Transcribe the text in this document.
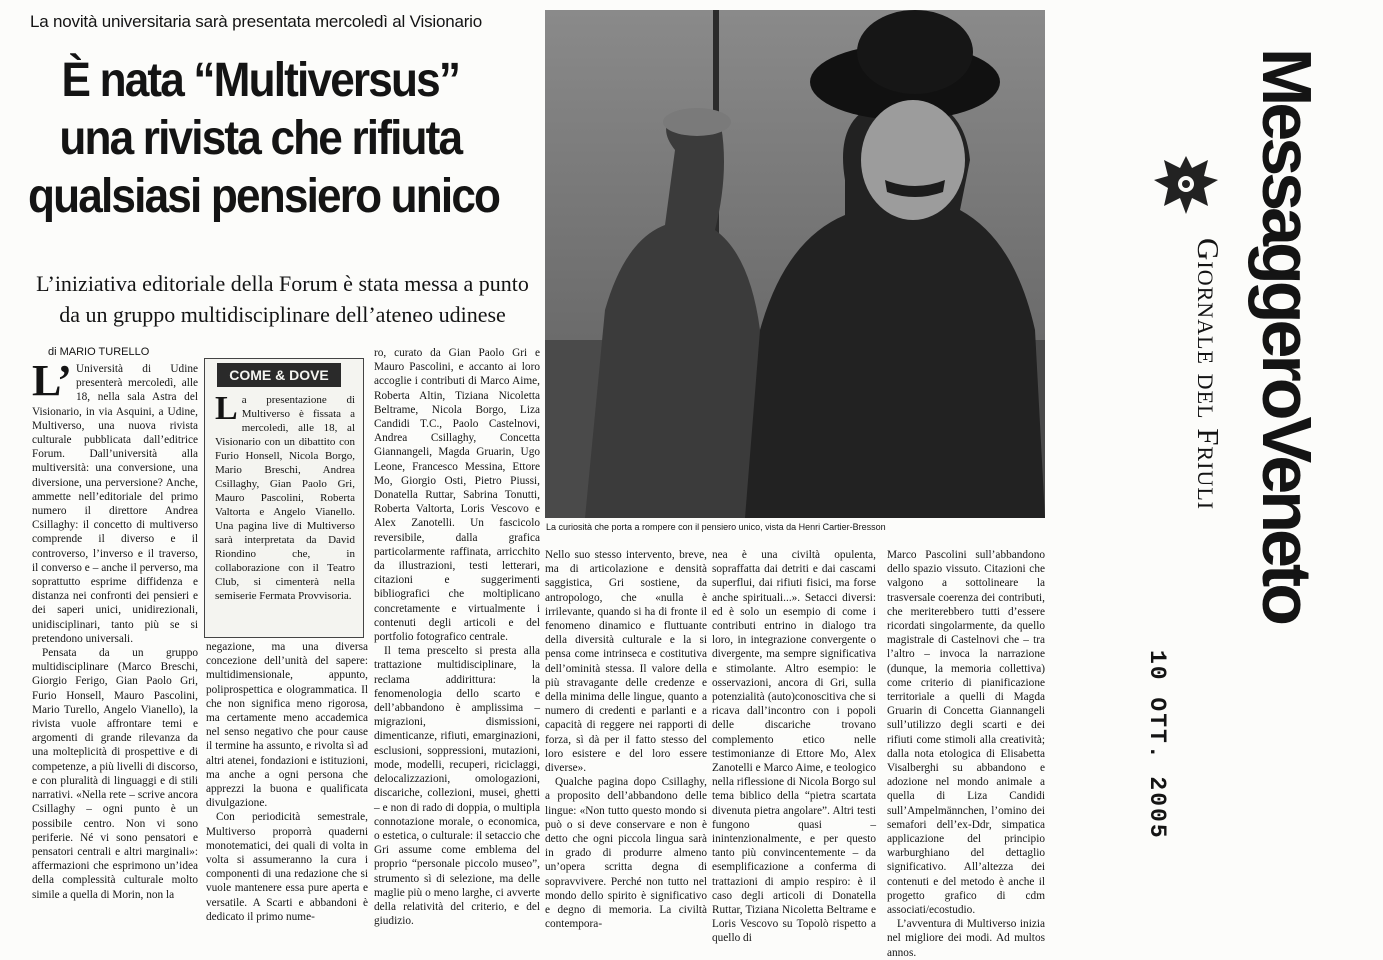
La novità universitaria sarà presentata mercoledì al Visionario
È nata “Multiversus”
una rivista che rifiuta
qualsiasi pensiero unico
L’iniziativa editoriale della Forum è stata messa a punto
da un gruppo multidisciplinare dell’ateneo udinese
di MARIO TURELLO
L’ Università di Udine presenterà mercoledì, alle 18, nella sala Astra del Visionario, in via Asquini, a Udine, Multiverso, una nuova rivista culturale pubblicata dall’editrice Forum. Dall’università alla multiversità: una conversione, una diversione, una perversione? Anche, ammette nell’editoriale del primo numero il direttore Andrea Csillaghy: il concetto di multiverso comprende il diverso e il controverso, l’inverso e il traverso, il converso e – anche il perverso, ma soprattutto esprime diffidenza e distanza nei confronti dei pensieri e dei saperi unici, unidirezionali, unidisciplinari, tanto più se si pretendono universali.

Pensata da un gruppo multidisciplinare (Marco Breschi, Giorgio Ferigo, Gian Paolo Gri, Furio Honsell, Mauro Pascolini, Mario Turello, Angelo Vianello), la rivista vuole affrontare temi e argomenti di grande rilevanza da una molteplicità di prospettive e di competenze, a più livelli di discorso, e con pluralità di linguaggi e di stili narrativi. «Nella rete – scrive ancora Csillaghy – ogni punto è un possibile centro. Non vi sono periferie. Né vi sono pensatori e pensatori centrali e altri marginali»: affermazioni che esprimono un’idea della complessità culturale molto simile a quella di Morin, non la

COME & DOVE
La presentazione di Multiverso è fissata a mercoledì, alle 18, al Visionario con un dibattito con Furio Honsell, Nicola Borgo, Mario Breschi, Andrea Csillaghy, Gian Paolo Gri, Mauro Pascolini, Roberta Valtorta e Angelo Vianello. Una pagina live di Multiverso sarà interpretata da David Riondino che, in collaborazione con il Teatro Club, si cimenterà nella semiserie Fermata Provvisoria.

negazione, ma una diversa concezione dell’unità del sapere: multidimensionale, appunto, poliprospettica e ologrammatica. Il che non significa meno rigorosa, ma certamente meno accademica nel senso negativo che pour cause il termine ha assunto, e rivolta sì ad altri atenei, fondazioni e istituzioni, ma anche a ogni persona che apprezzi la buona e qualificata divulgazione.

Con periodicità semestrale, Multiverso proporrà quaderni monotematici, dei quali di volta in volta si assumeranno la cura i componenti di una redazione che si vuole mantenere essa pure aperta e versatile. A Scarti e abbandoni è dedicato il primo nume-

ro, curato da Gian Paolo Gri e Mauro Pascolini, e accanto ai loro accoglie i contributi di Marco Aime, Roberta Altin, Tiziana Nicoletta Beltrame, Nicola Borgo, Liza Candidi T.C., Paolo Castelnovi, Andrea Csillaghy, Concetta Giannangeli, Magda Gruarin, Ugo Leone, Francesco Messina, Ettore Mo, Giorgio Osti, Pietro Piussi, Donatella Ruttar, Sabrina Tonutti, Roberta Valtorta, Loris Vescovo e Alex Zanotelli. Un fascicolo reversibile, dalla grafica particolarmente raffinata, arricchito da illustrazioni, testi letterari, citazioni e suggerimenti bibliografici che moltiplicano concretamente e virtualmente i contenuti degli articoli e del portfolio fotografico centrale.

Il tema prescelto si presta alla trattazione multidisciplinare, la reclama addirittura: la fenomenologia dello scarto e dell’abbandono è amplissima – migrazioni, dismissioni, dimenticanze, rifiuti, emarginazioni, esclusioni, soppressioni, mutazioni, mode, modelli, recuperi, riciclaggi, delocalizzazioni, omologazioni, discariche, collezioni, musei, ghetti – e non di rado di doppia, o multipla connotazione morale, o economica, o estetica, o culturale: il setaccio che Gri assume come emblema del proprio “personale piccolo museo”, strumento sì di selezione, ma delle maglie più o meno larghe, ci avverte della relatività del criterio, e del giudizio.

La curiosità che porta a rompere con il pensiero unico, vista da Henri Cartier-Bresson

Nello suo stesso intervento, breve, ma di articolazione e densità saggistica, Gri sostiene, da antropologo, che «nulla è irrilevante, quando si ha di fronte il fenomeno dinamico e fluttuante della diversità culturale e la si pensa come intrinseca e costitutiva dell’ominità stessa. Il valore della più stravagante delle credenze e della minima delle lingue, quanto a numero di credenti e parlanti e a capacità di reggere nei rapporti di forza, sì dà per il fatto stesso del loro esistere e del loro essere diverse».

Qualche pagina dopo Csillaghy, a proposito dell’abbandono delle lingue: «Non tutto questo mondo si può o si deve conservare e non è detto che ogni piccola lingua sarà in grado di produrre almeno un’opera scritta degna di sopravvivere. Perché non tutto nel mondo dello spirito è significativo e degno di memoria. La civiltà contempora-

nea è una civiltà opulenta, sopraffatta dai detriti e dai cascami superflui, dai rifiuti fisici, ma forse anche spirituali...». Setacci diversi: ed è solo un esempio di come i contributi entrino in dialogo tra loro, in integrazione convergente o divergente, ma sempre significativa e stimolante. Altro esempio: le osservazioni, ancora di Gri, sulla potenzialità (auto)conoscitiva che si ricava dall’incontro con i popoli delle discariche trovano complemento etico nelle testimonianze di Ettore Mo, Alex Zanotelli e Marco Aime, e teologico nella riflessione di Nicola Borgo sul tema biblico della “pietra scartata divenuta pietra angolare”. Altri testi fungono quasi – inintenzionalmente, e per questo tanto più convincentemente – da esemplificazione a conferma di trattazioni di ampio respiro: è il caso degli articoli di Donatella Ruttar, Tiziana Nicoletta Beltrame e Loris Vescovo su Topolò rispetto a quello di

Marco Pascolini sull’abbandono dello spazio vissuto. Citazioni che valgono a sottolineare la trasversale coerenza dei contributi, che meriterebbero tutti d’essere ricordati singolarmente, da quello magistrale di Castelnovi che – tra l’altro – invoca la narrazione (dunque, la memoria collettiva) come criterio di pianificazione territoriale a quelli di Magda Gruarin di Concetta Giannangeli sull’utilizzo degli scarti e dei rifiuti come stimoli alla creatività; dalla nota etologica di Elisabetta Visalberghi su abbandono e adozione nel mondo animale a quella di Liza Candidi sull’Ampelmännchen, l’omino dei semafori dell’ex-Ddr, simpatica applicazione del principio warburghiano del dettaglio significativo. All’altezza dei contenuti e del metodo è anche il progetto grafico di cdm associati/ecostudio.

L’avventura di Multiverso inizia nel migliore dei modi. Ad multos annos.

MessaggeroVeneto
Giornale del Friuli
10 OTT. 2005
